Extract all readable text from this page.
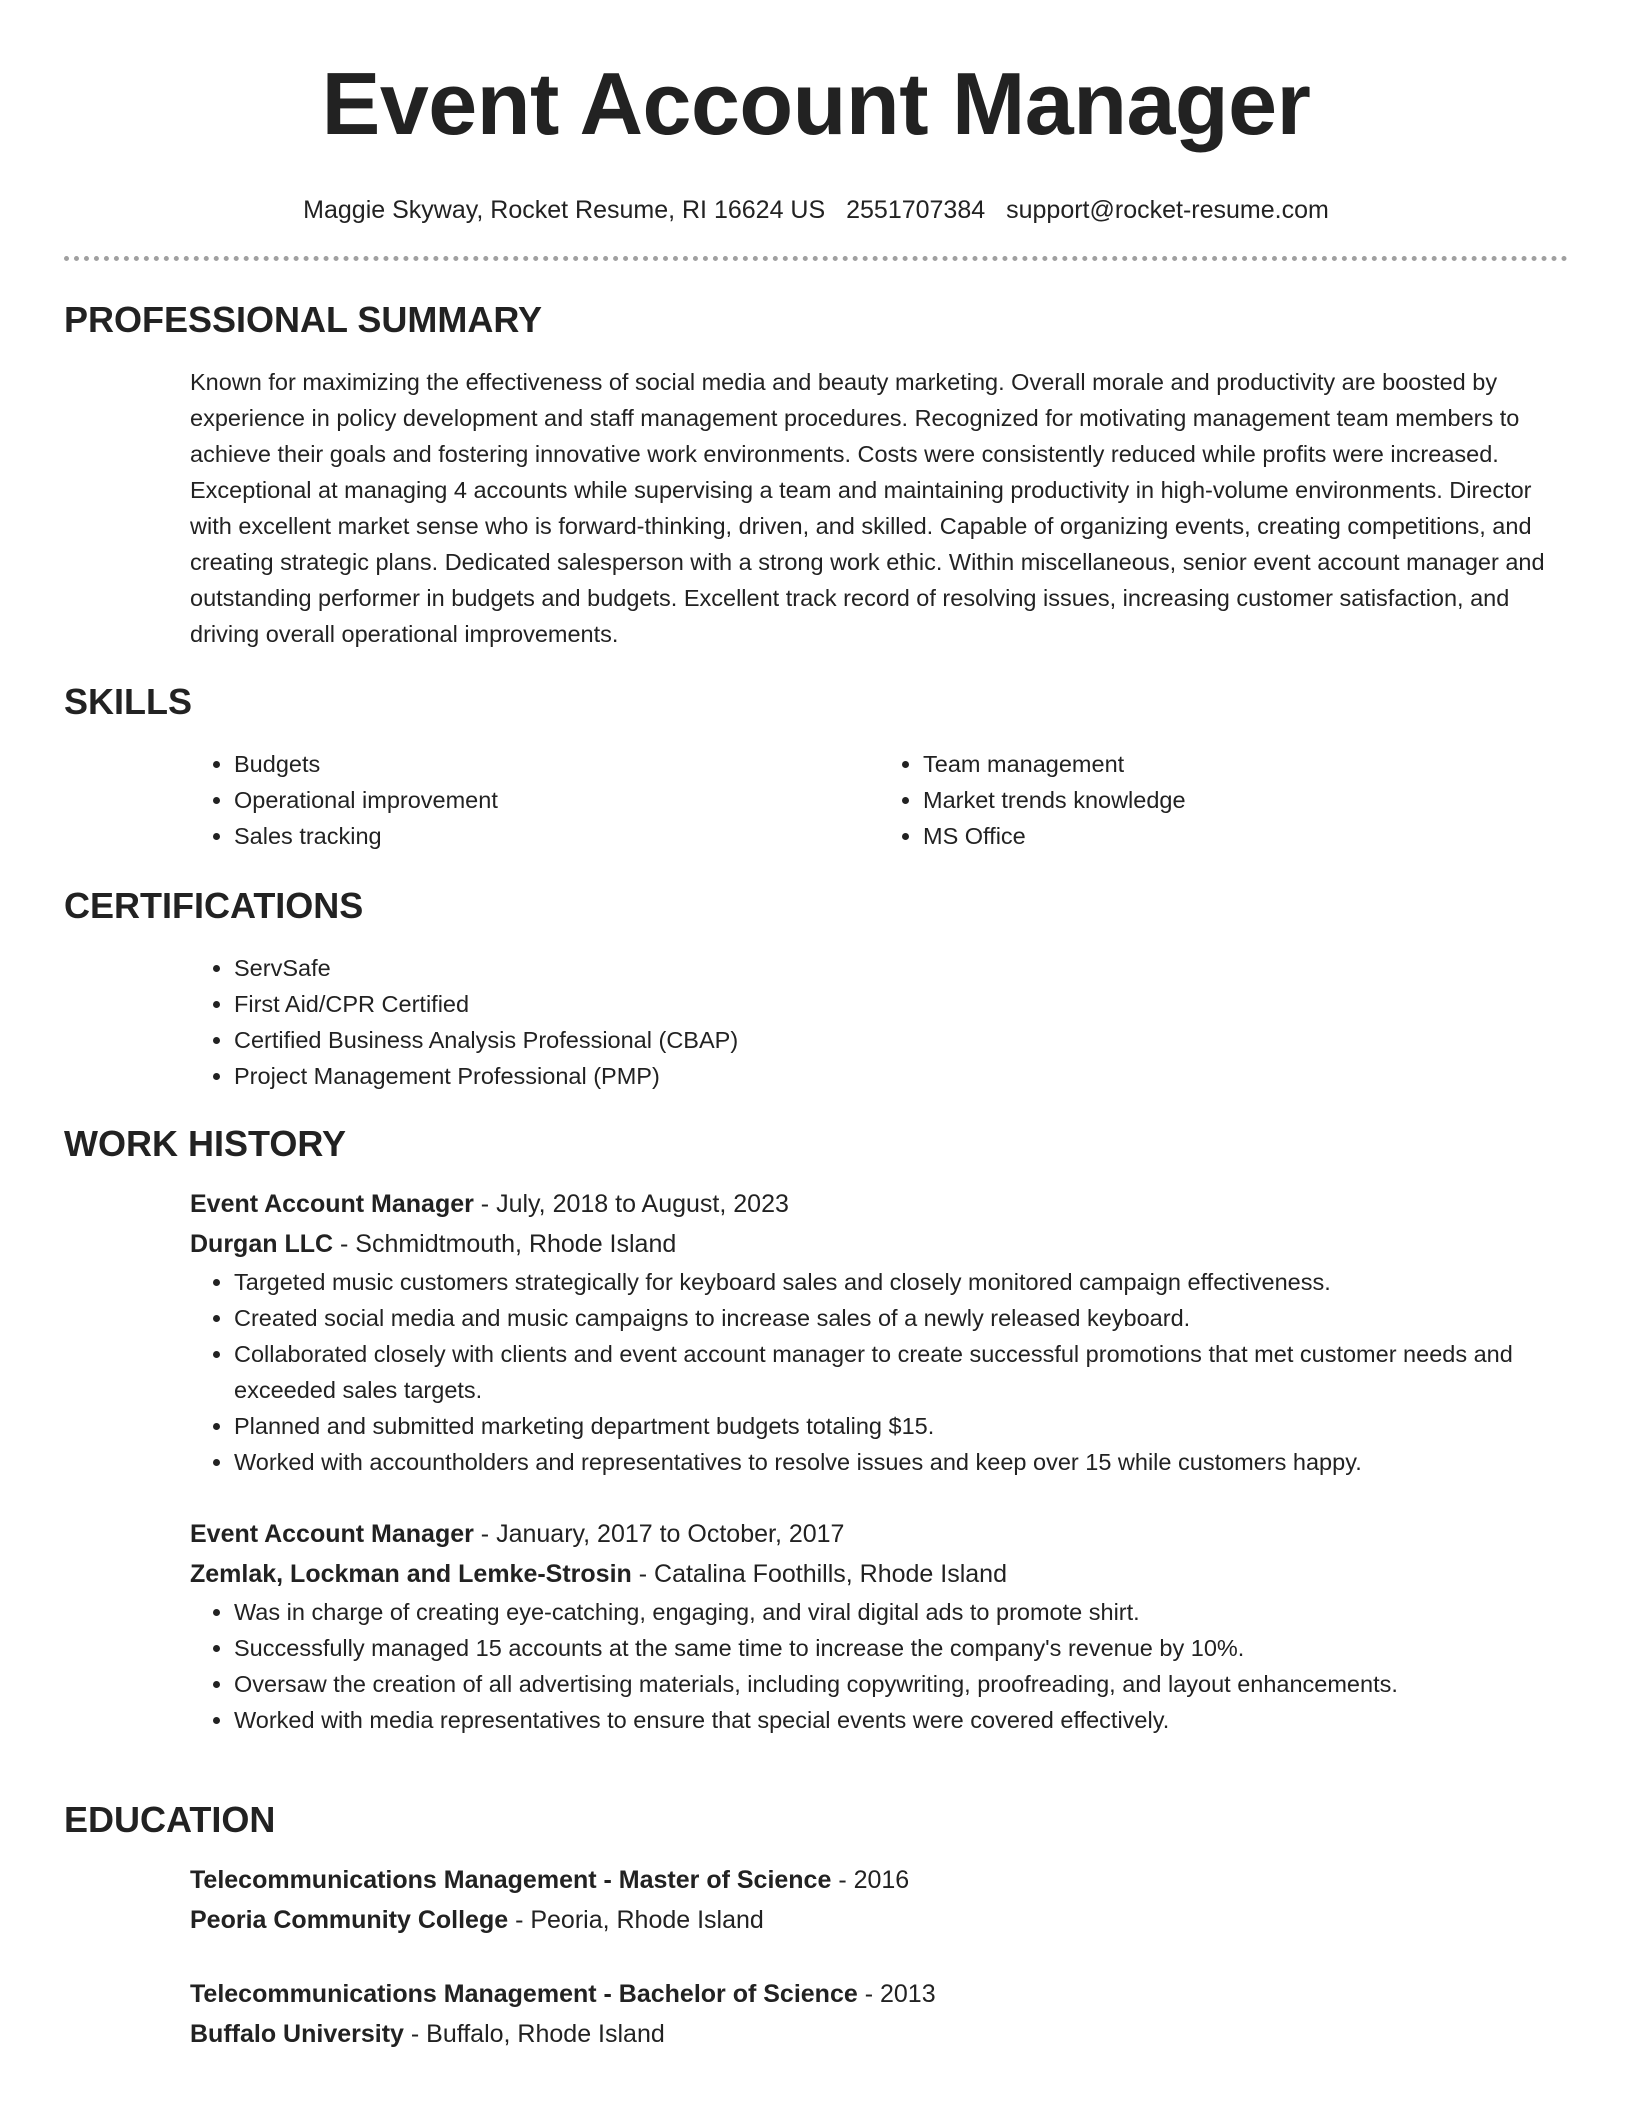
Event Account Manager
Maggie Skyway, Rocket Resume, RI 16624 US 2551707384 support@rocket-resume.com
PROFESSIONAL SUMMARY

Known for maximizing the effectiveness of social media and beauty marketing. Overall morale and productivity are boosted by experience in policy development and staff management procedures. Recognized for motivating management team members to achieve their goals and fostering innovative work environments. Costs were consistently reduced while profits were increased. Exceptional at managing 4 accounts while supervising a team and maintaining productivity in high-volume environments. Director with excellent market sense who is forward-thinking, driven, and skilled. Capable of organizing events, creating competitions, and creating strategic plans. Dedicated salesperson with a strong work ethic. Within miscellaneous, senior event account manager and outstanding performer in budgets and budgets. Excellent track record of resolving issues, increasing customer satisfaction, and driving overall operational improvements.

SKILLS
• Budgets
• Operational improvement
• Sales tracking
• Team management
• Market trends knowledge
• MS Office
CERTIFICATIONS
• ServSafe
• First Aid/CPR Certified
• Certified Business Analysis Professional (CBAP)
• Project Management Professional (PMP)
WORK HISTORY
Event Account Manager - July, 2018 to August, 2023
Durgan LLC - Schmidtmouth, Rhode Island
• Targeted music customers strategically for keyboard sales and closely monitored campaign effectiveness.
• Created social media and music campaigns to increase sales of a newly released keyboard.
• Collaborated closely with clients and event account manager to create successful promotions that met customer needs and exceeded sales targets.
• Planned and submitted marketing department budgets totaling $15.
• Worked with accountholders and representatives to resolve issues and keep over 15 while customers happy.
Event Account Manager - January, 2017 to October, 2017
Zemlak, Lockman and Lemke-Strosin - Catalina Foothills, Rhode Island
• Was in charge of creating eye-catching, engaging, and viral digital ads to promote shirt.
• Successfully managed 15 accounts at the same time to increase the company's revenue by 10%.
• Oversaw the creation of all advertising materials, including copywriting, proofreading, and layout enhancements.
• Worked with media representatives to ensure that special events were covered effectively.
EDUCATION
Telecommunications Management - Master of Science - 2016
Peoria Community College - Peoria, Rhode Island
Telecommunications Management - Bachelor of Science - 2013
Buffalo University - Buffalo, Rhode Island
